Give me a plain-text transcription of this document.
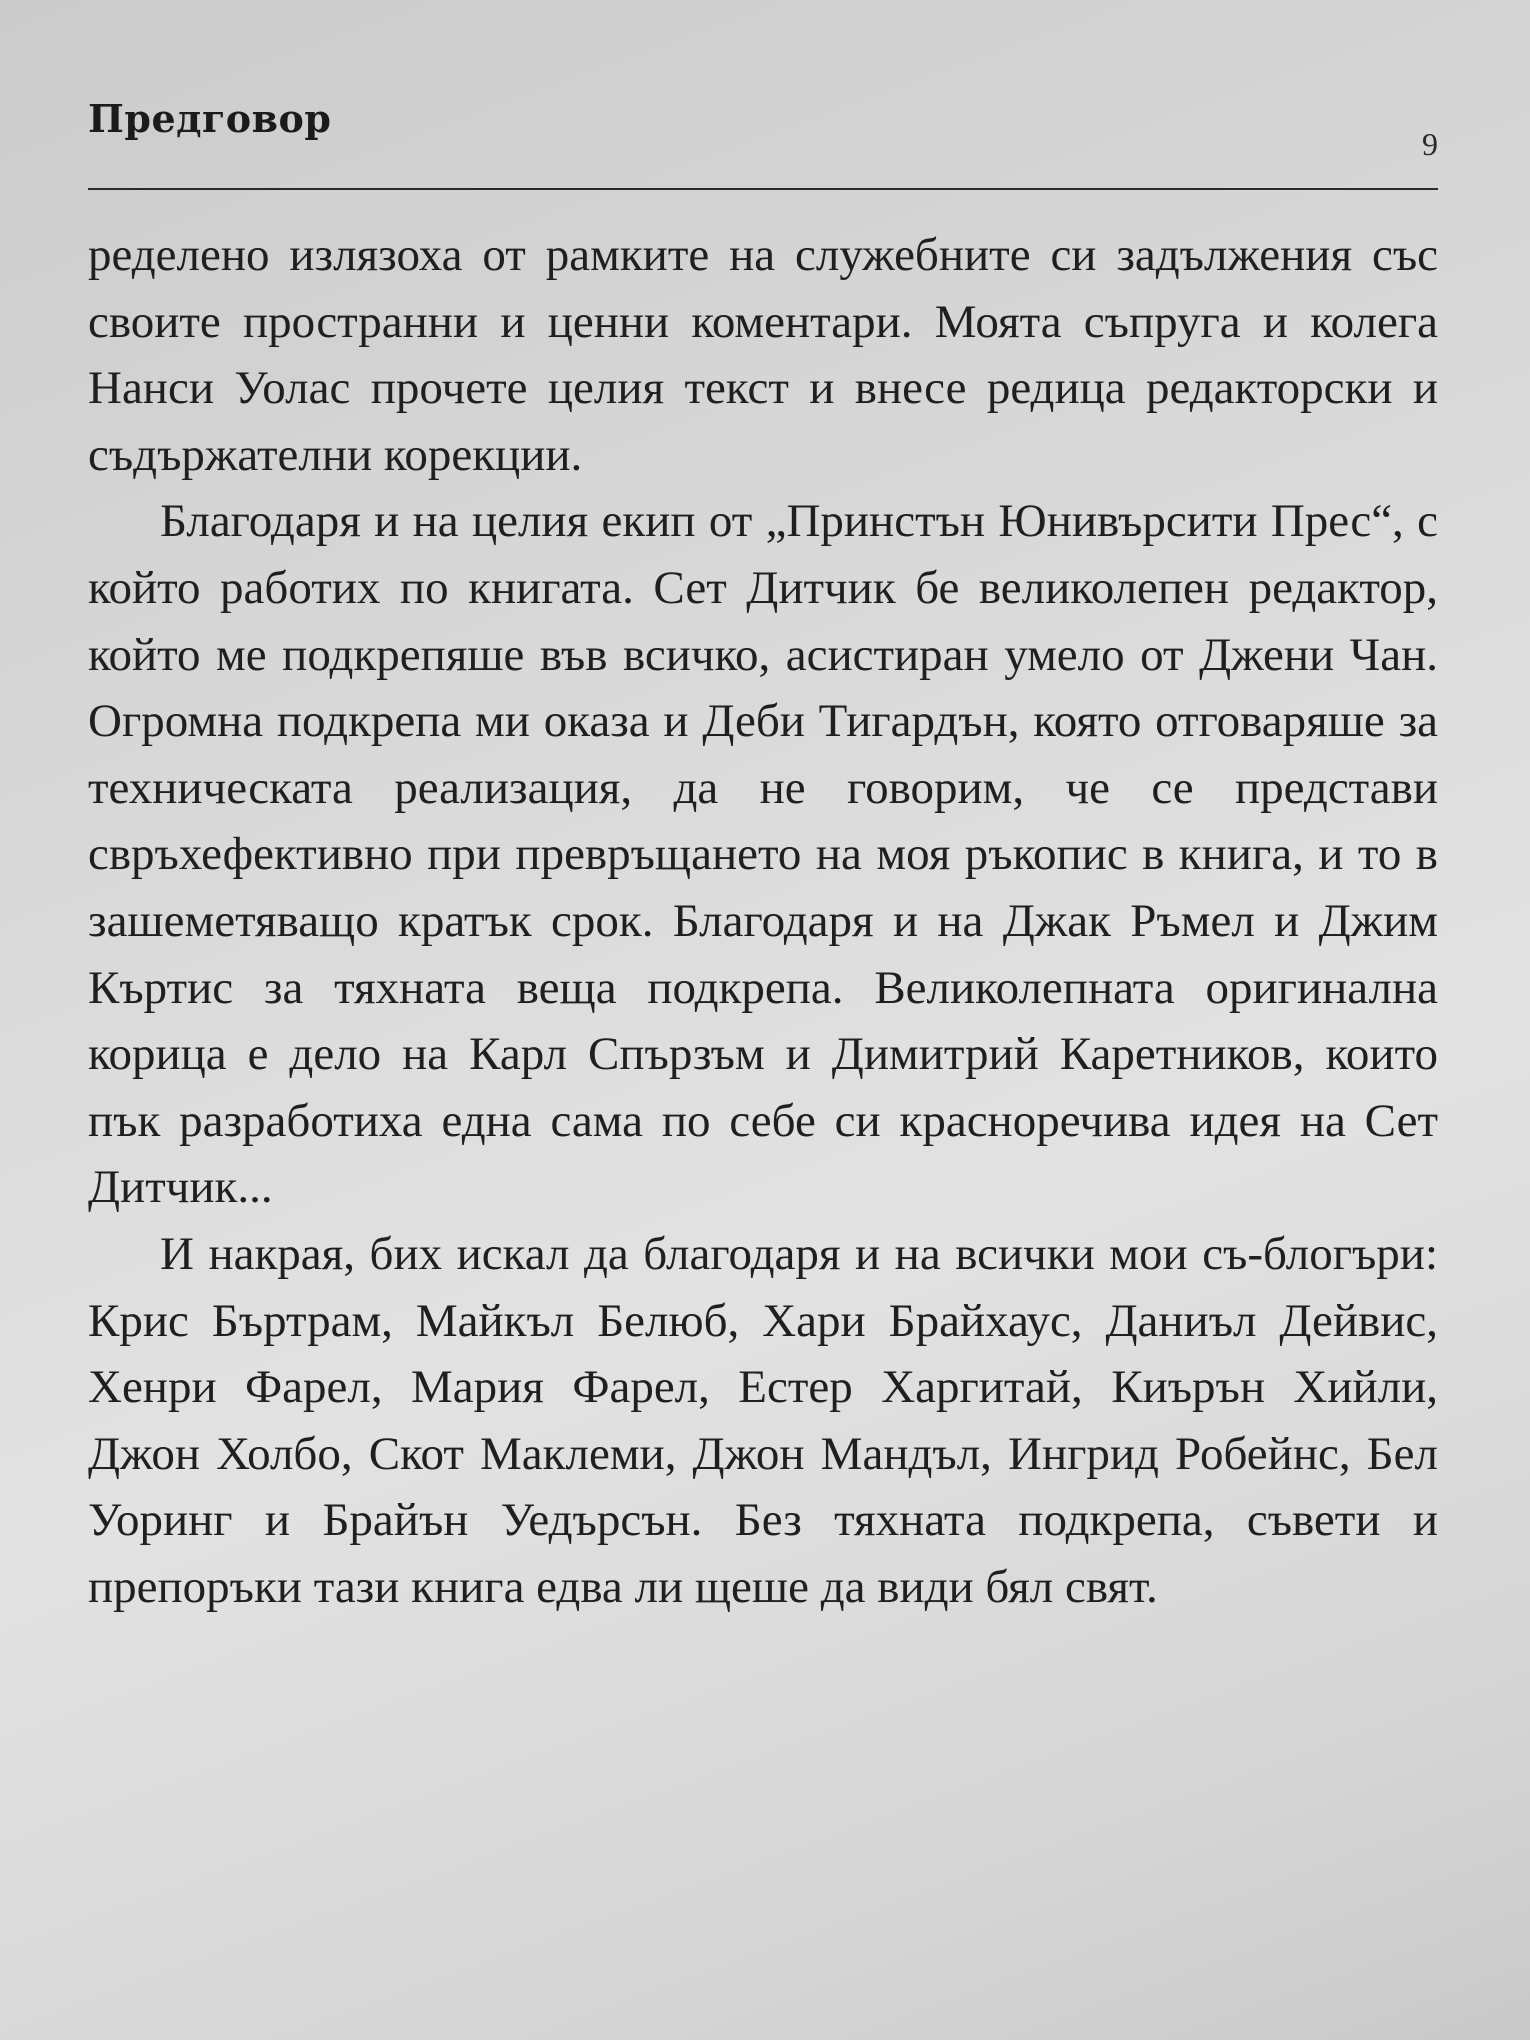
Предговор
9

ределено излязоха от рамките на служебните си задължения със своите пространни и ценни коментари. Моята съпруга и колега Нанси Уолас прочете целия текст и внесе редица редакторски и съдържателни корекции.

Благодаря и на целия екип от „Принстън Юнивърсити Прес“, с който работих по книгата. Сет Дитчик бе великолепен редактор, който ме подкрепяше във всичко, асистиран умело от Джени Чан. Огромна подкрепа ми оказа и Деби Тигардън, която отговаряше за техническата реализация, да не говорим, че се представи свръхефективно при превръщането на моя ръкопис в книга, и то в зашеметяващо кратък срок. Благодаря и на Джак Ръмел и Джим Къртис за тяхната веща подкрепа. Великолепната оригинална корица е дело на Карл Спързъм и Димитрий Каретников, които пък разработиха една сама по себе си красноречива идея на Сет Дитчик...

И накрая, бих искал да благодаря и на всички мои съ-блогъри: Крис Бъртрам, Майкъл Белюб, Хари Брайхаус, Даниъл Дейвис, Хенри Фарел, Мария Фарел, Естер Харгитай, Киърън Хийли, Джон Холбо, Скот Маклеми, Джон Мандъл, Ингрид Робейнс, Бел Уоринг и Брайън Уедърсън. Без тяхната подкрепа, съвети и препоръки тази книга едва ли щеше да види бял свят.
